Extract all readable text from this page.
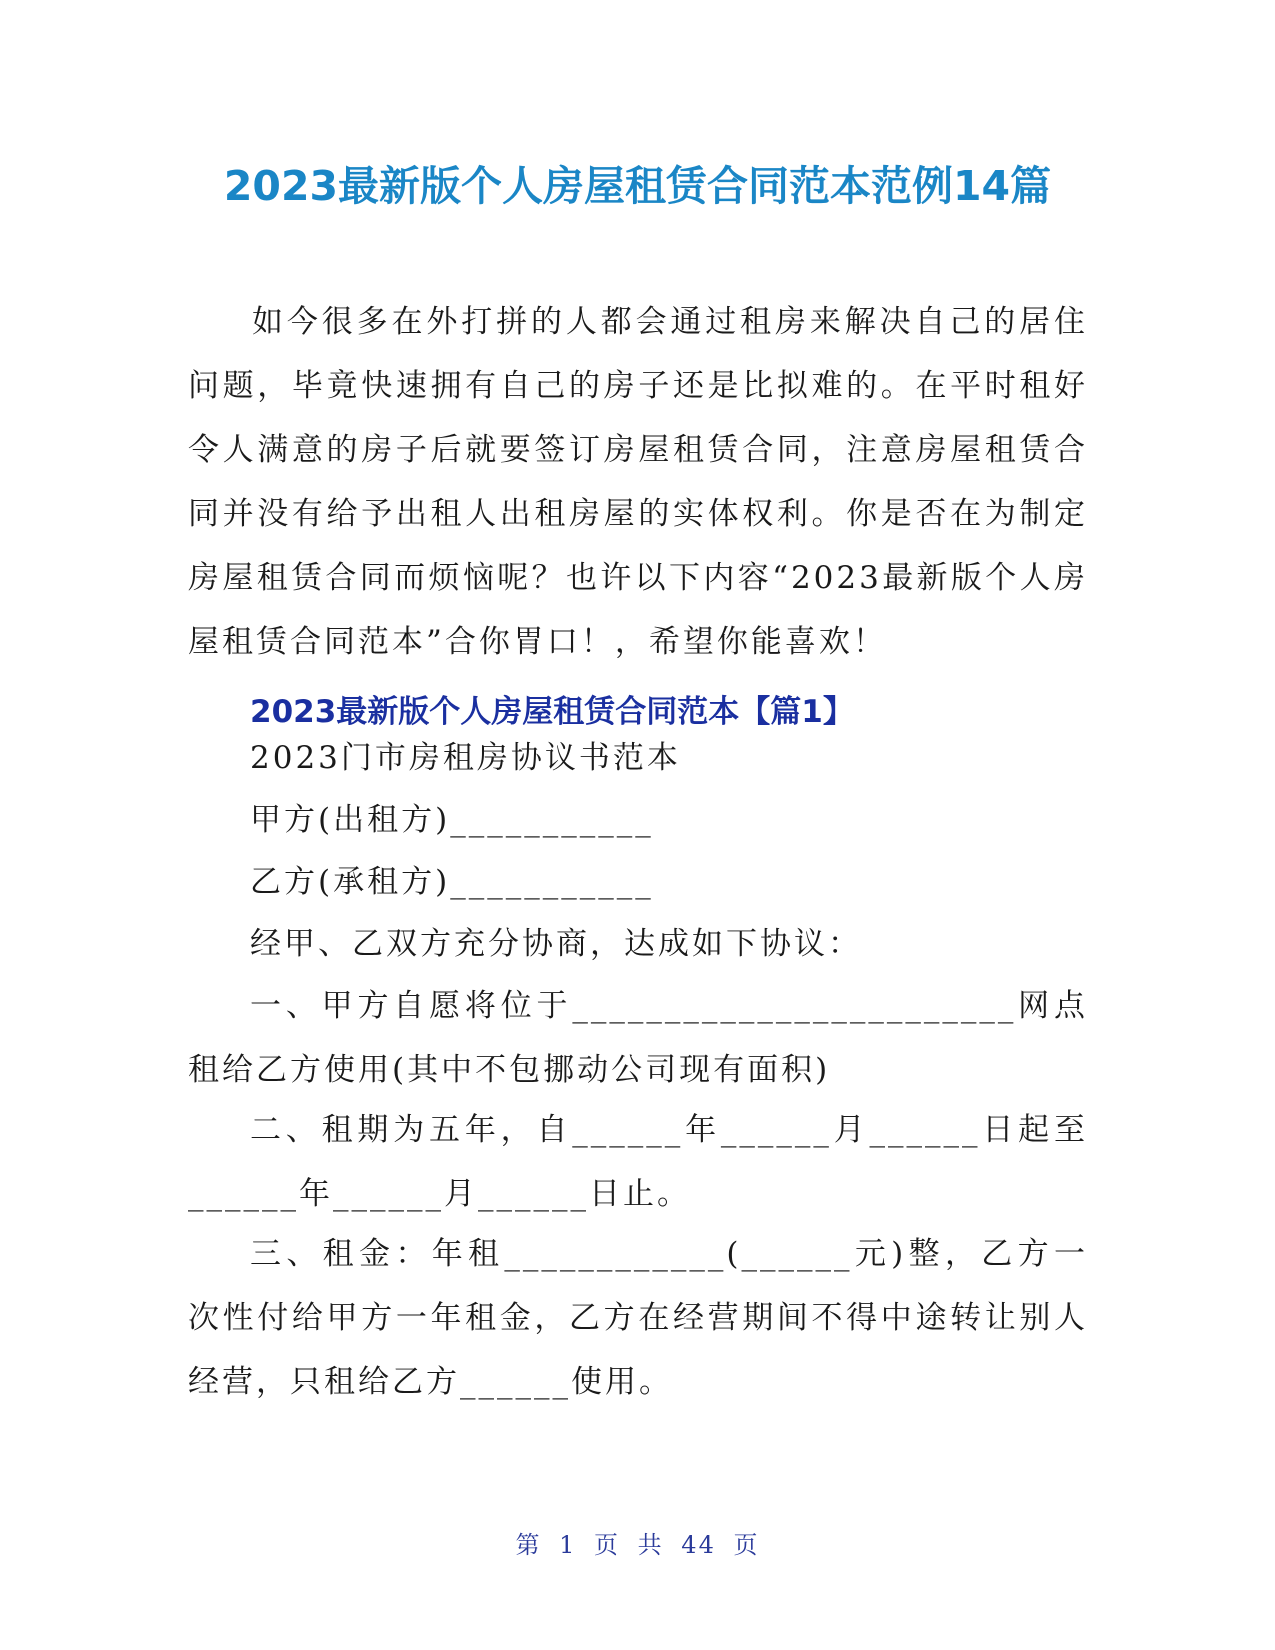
2023最新版个人房屋租赁合同范本范例14篇

如今很多在外打拼的人都会通过租房来解决自己的居住问题，毕竟快速拥有自己的房子还是比拟难的。在平时租好令人满意的房子后就要签订房屋租赁合同，注意房屋租赁合同并没有给予出租人出租房屋的实体权利。你是否在为制定房屋租赁合同而烦恼呢？也许以下内容“2023最新版个人房屋租赁合同范本”合你胃口！，希望你能喜欢！

2023最新版个人房屋租赁合同范本【篇1】

2023门市房租房协议书范本

甲方(出租方)___________

乙方(承租方)___________

经甲、乙双方充分协商，达成如下协议：

一、甲方自愿将位于________________________网点租给乙方使用(其中不包挪动公司现有面积)

二、租期为五年，自______年______月______日起至______年______月______日止。

三、租金：年租____________(______元)整，乙方一次性付给甲方一年租金，乙方在经营期间不得中途转让别人经营，只租给乙方______使用。

第 1 页 共 44 页
